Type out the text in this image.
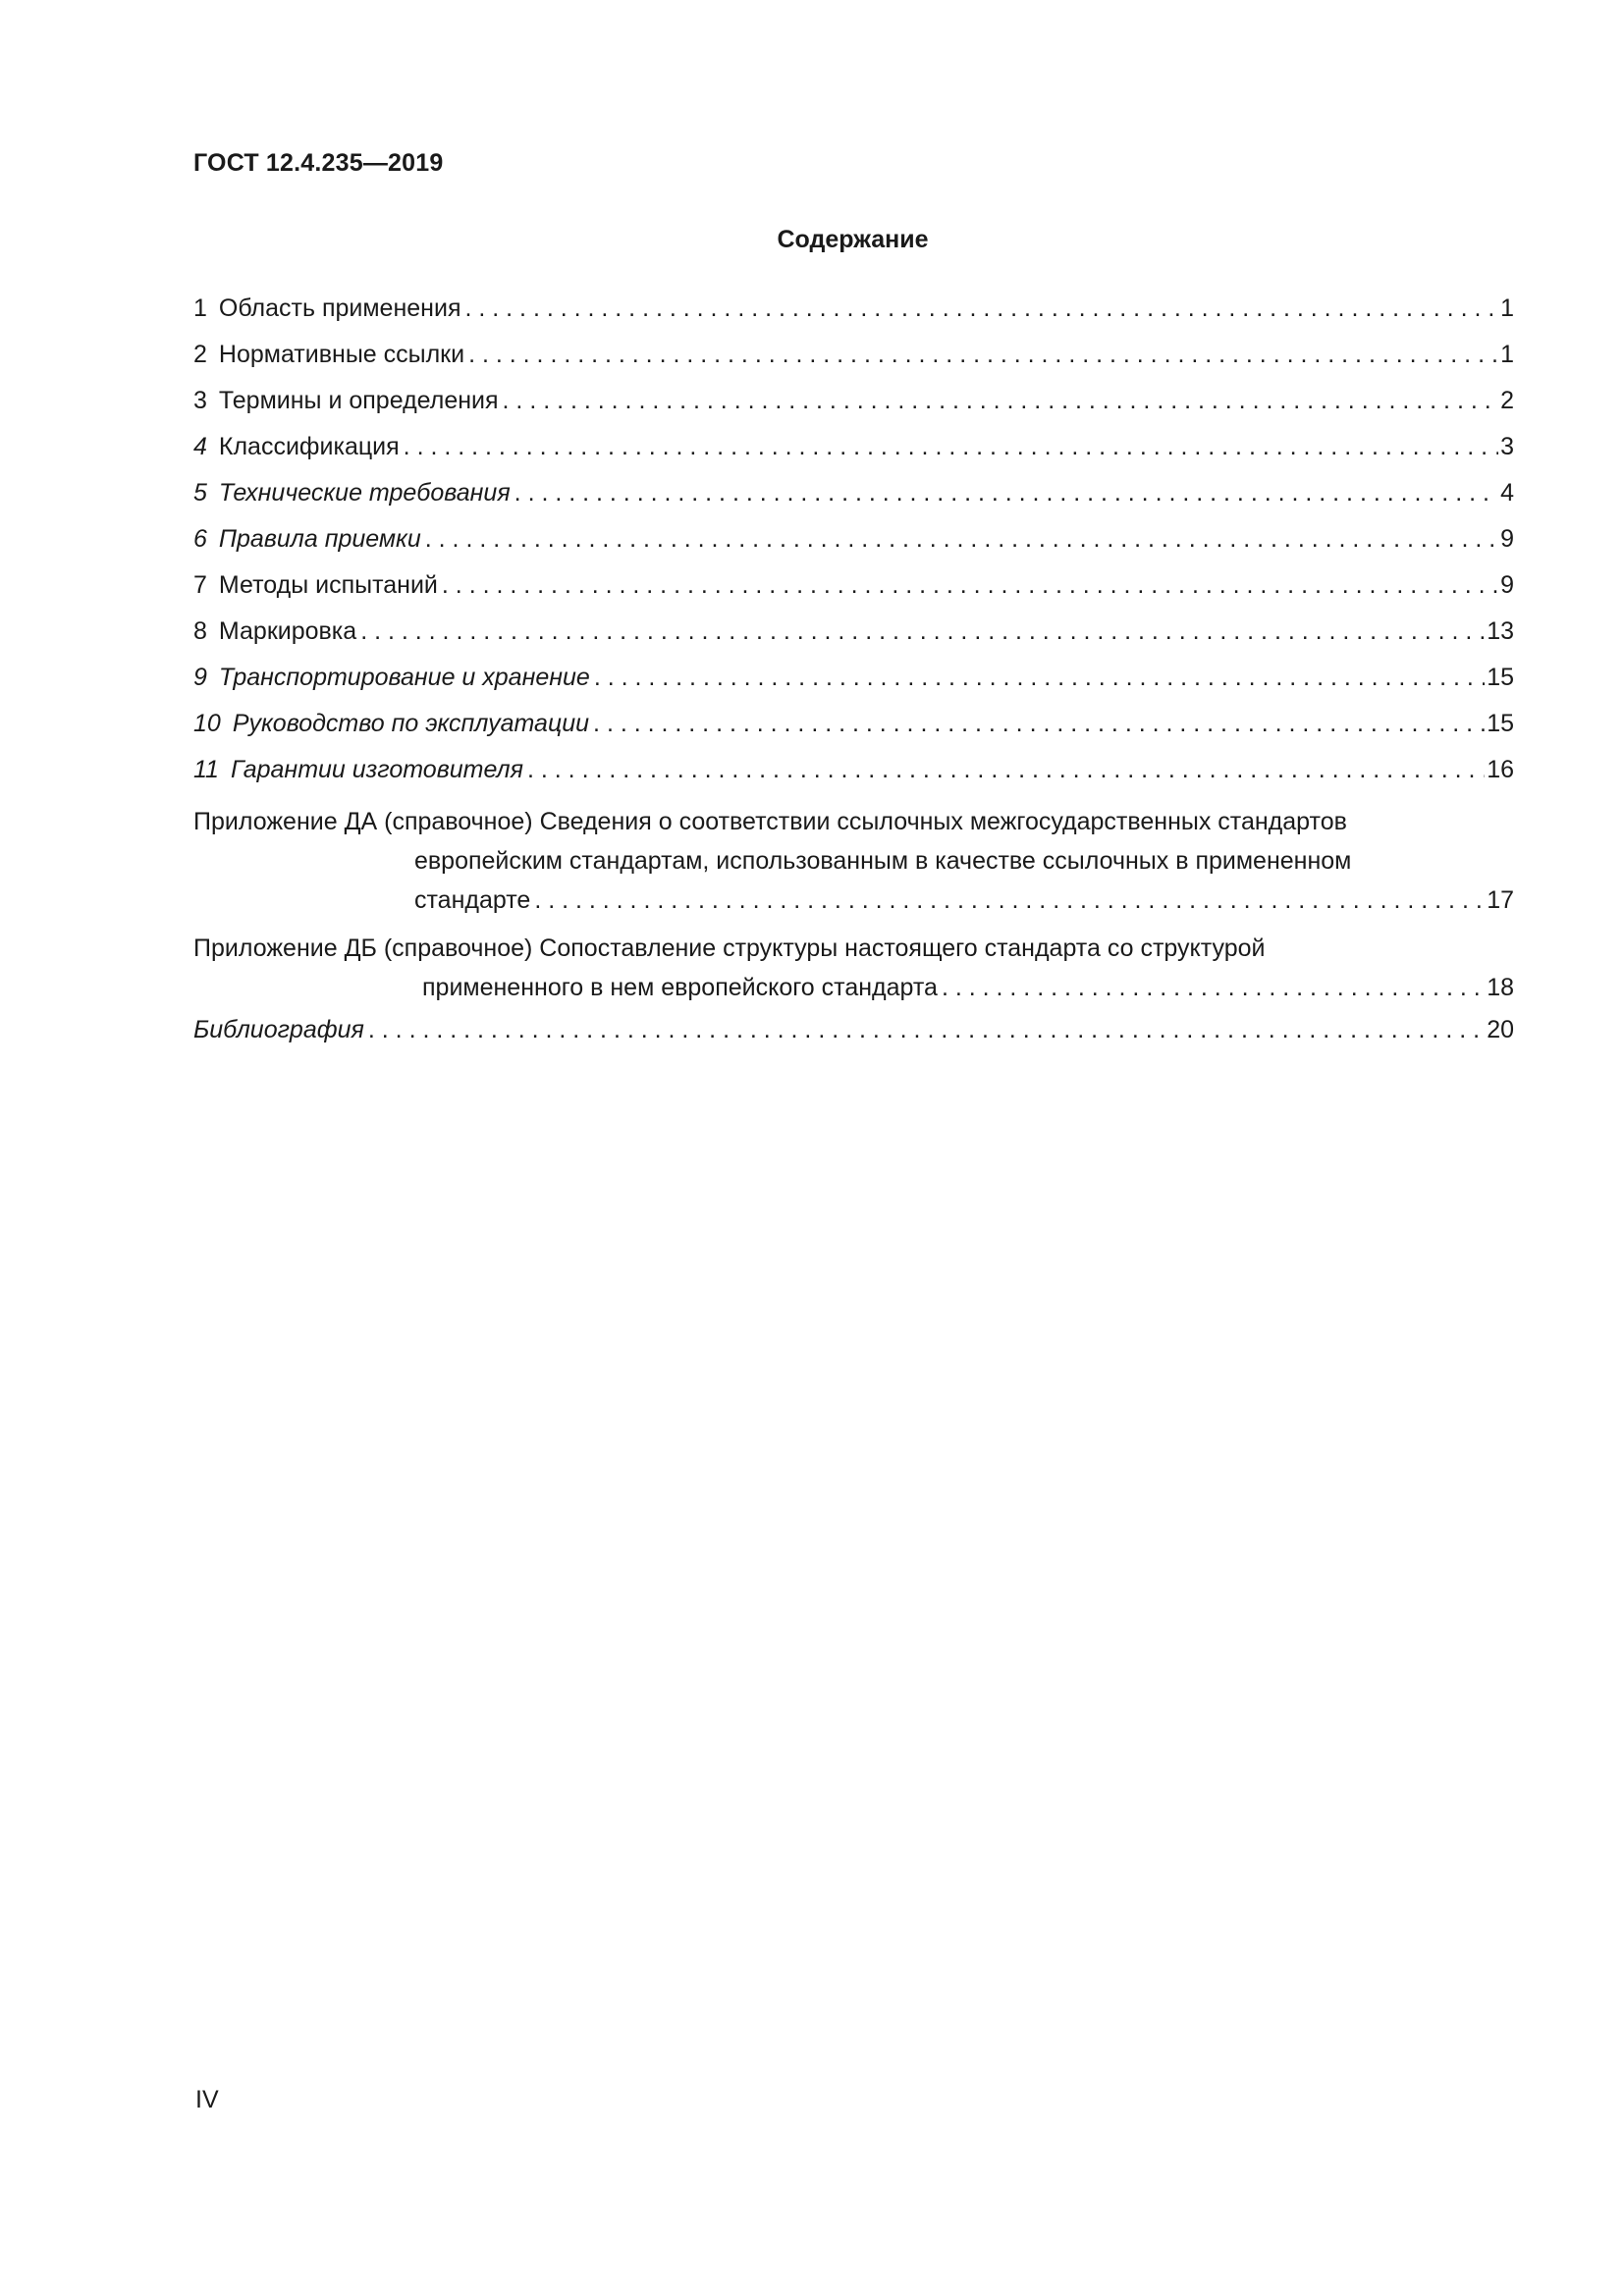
ГОСТ 12.4.235—2019
Содержание
1 Область применения . . .	1
2 Нормативные ссылки . . .	1
3 Термины и определения . . .	2
4 Классификация . . .	3
5 Технические требования . . .	4
6 Правила приемки . . .	9
7 Методы испытаний . . .	9
8 Маркировка . . .	13
9 Транспортирование и хранение . . .	15
10 Руководство по эксплуатации . . .	15
11 Гарантии изготовителя . . .	16
Приложение ДА (справочное) Сведения о соответствии ссылочных межгосударственных стандартов
европейским стандартам, использованным в качестве ссылочных в примененном
стандарте . . .	17
Приложение ДБ (справочное) Сопоставление структуры настоящего стандарта со структурой
примененного в нем европейского стандарта . . .	18
Библиография . . .	20
IV
